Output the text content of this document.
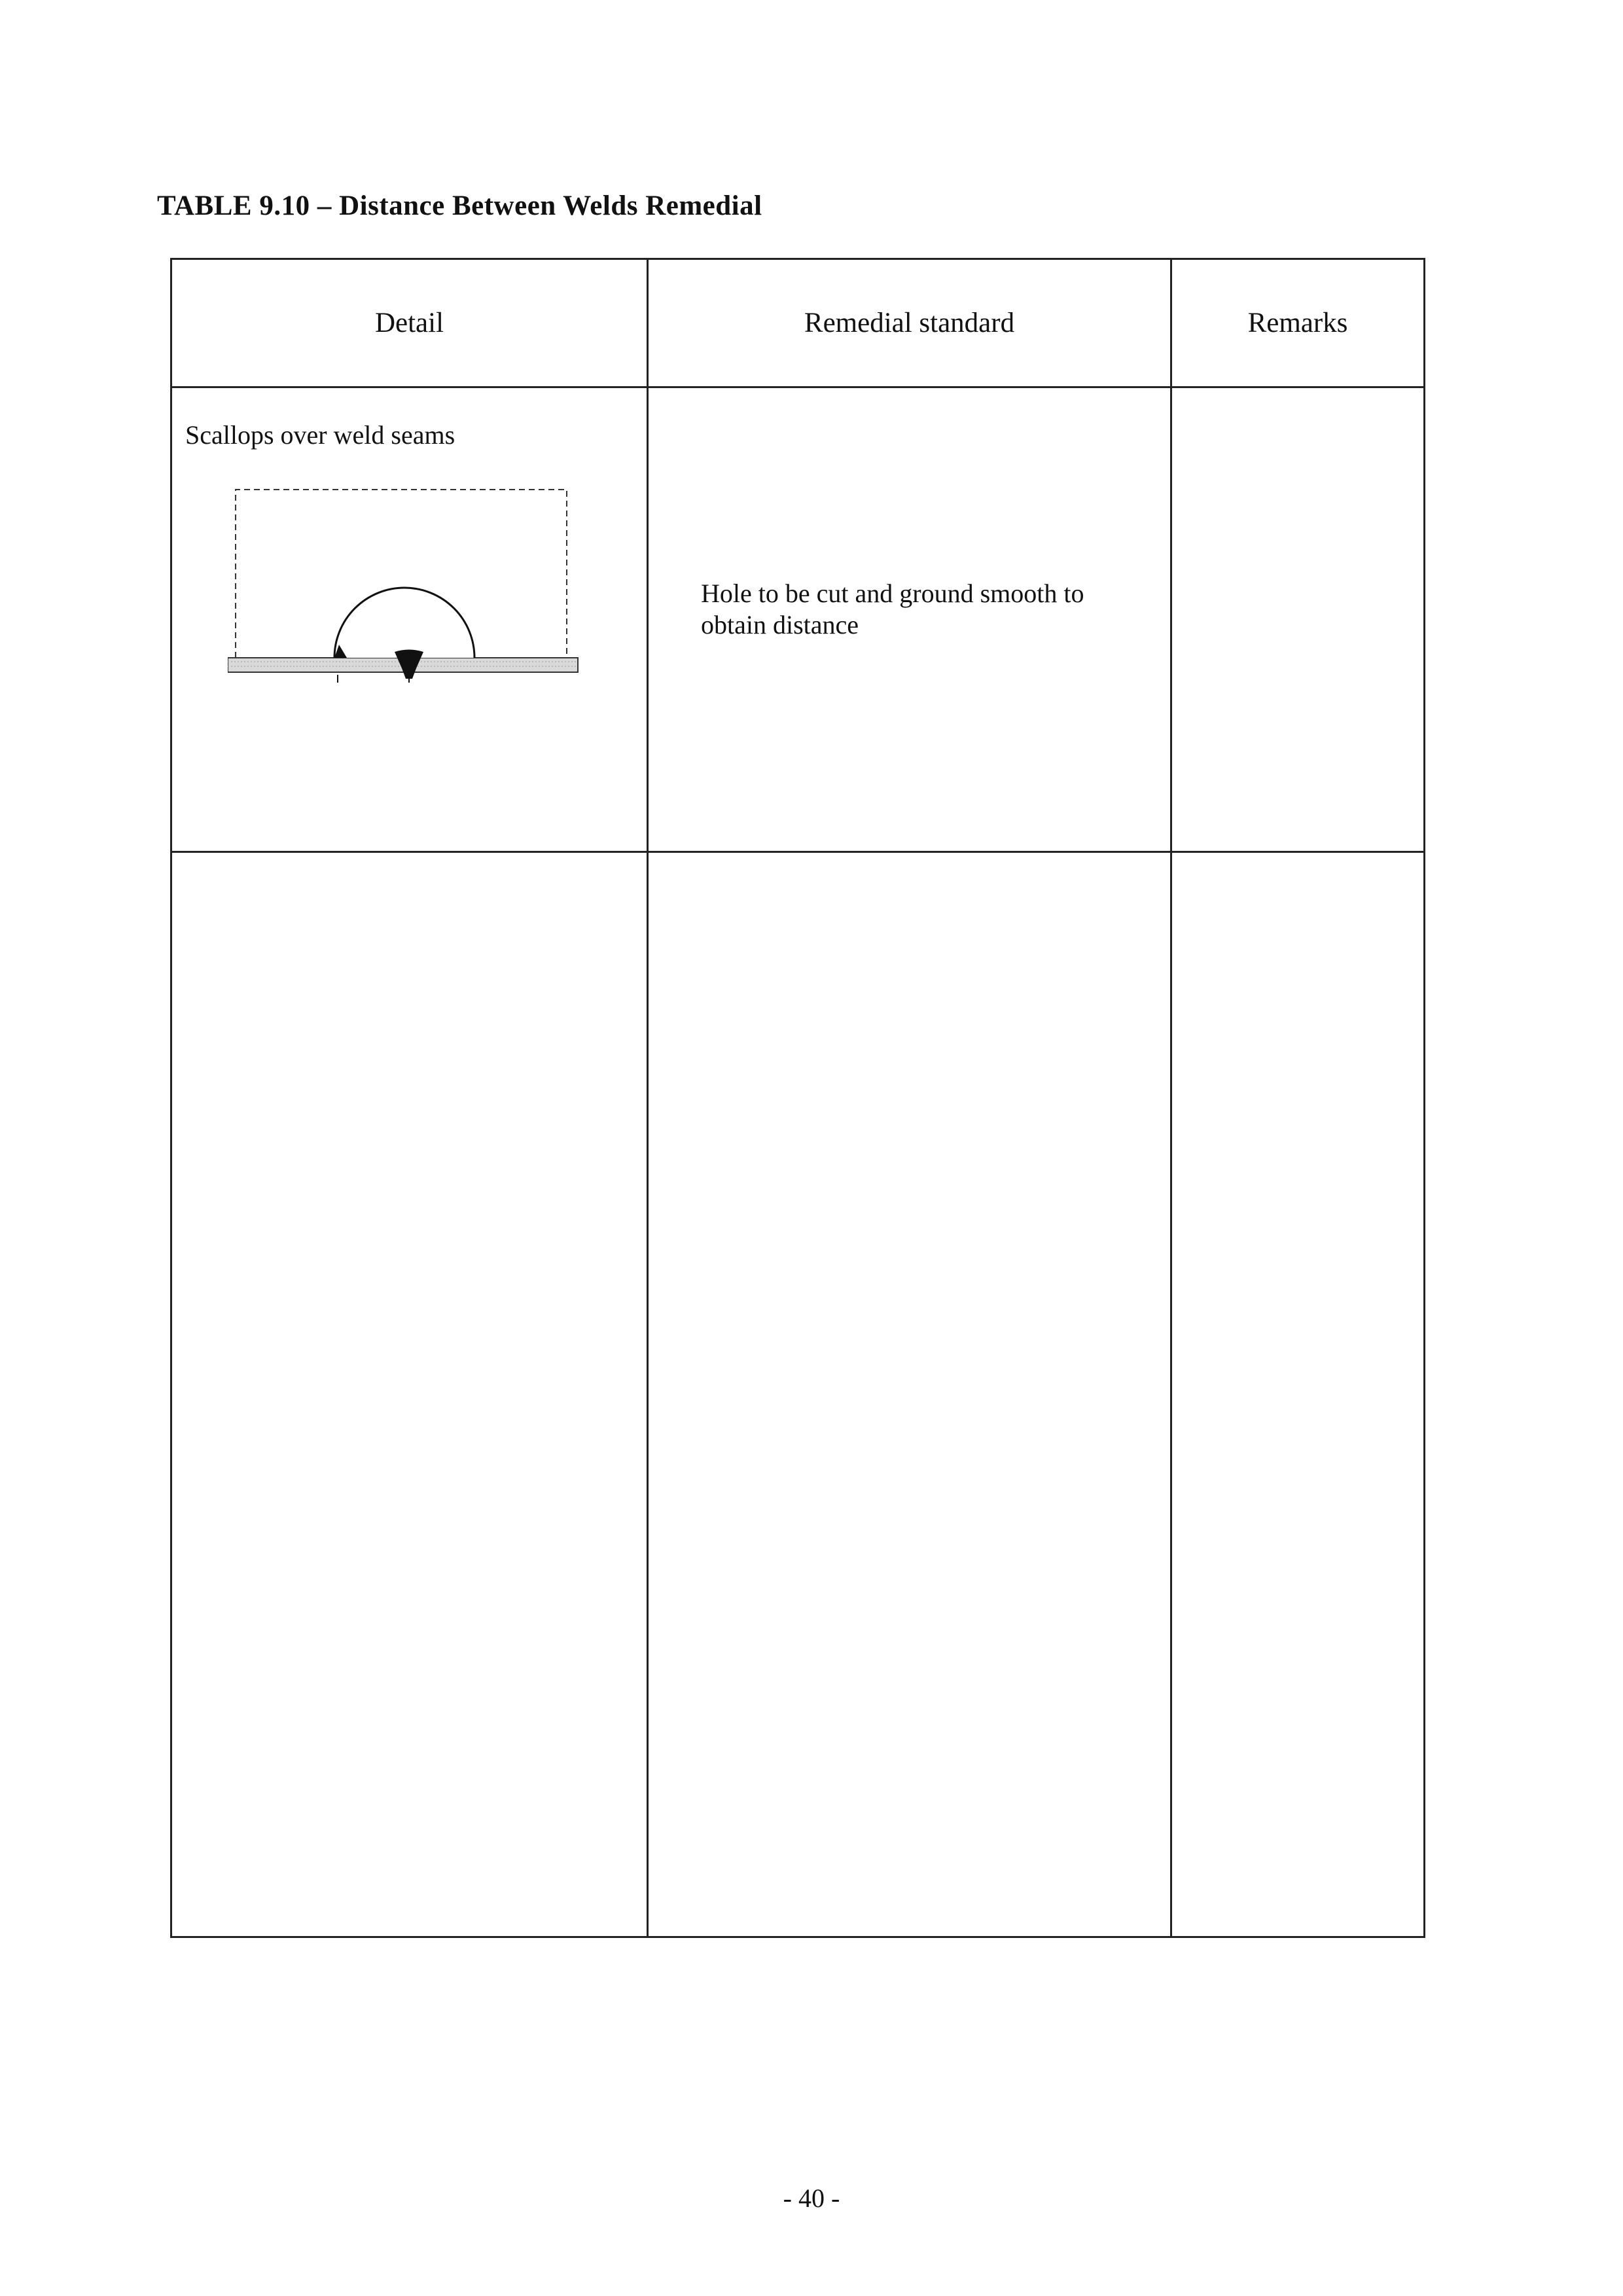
TABLE 9.10 – Distance Between Welds Remedial
Detail	Remedial standard	Remarks

Scallops over weld seams	Hole to be cut and ground smooth to obtain distance	

- 40 -
